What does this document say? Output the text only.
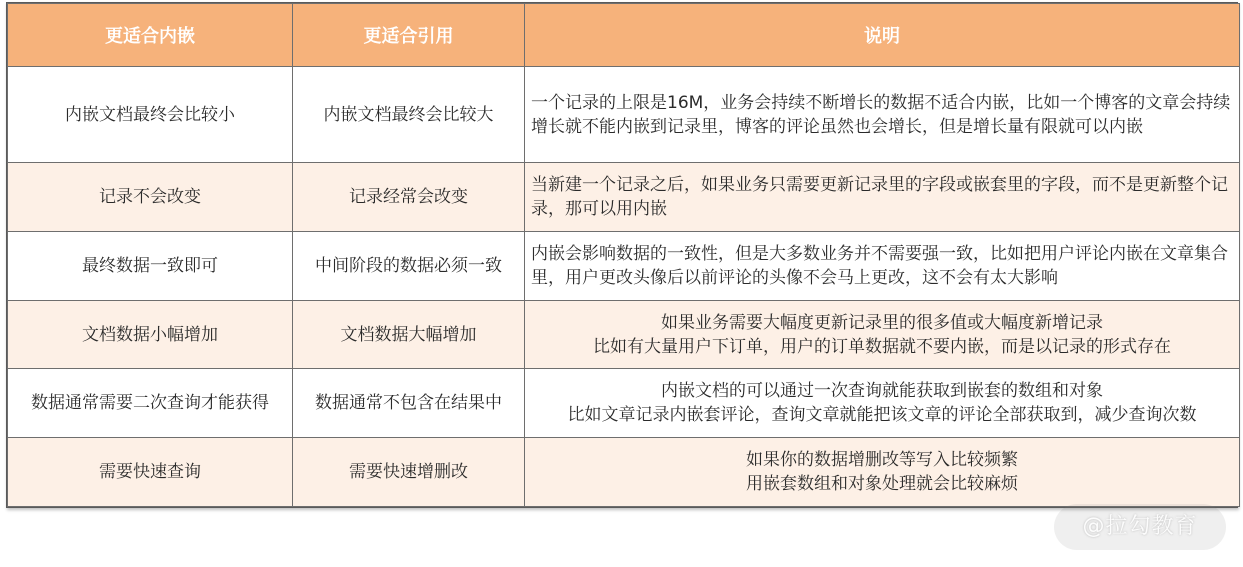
更适合内嵌	更适合引用	说明
内嵌文档最终会比较小	内嵌文档最终会比较大	一个记录的上限是16M，业务会持续不断增长的数据不适合内嵌，比如一个博客的文章会持续增长就不能内嵌到记录里，博客的评论虽然也会增长，但是增长量有限就可以内嵌
记录不会改变	记录经常会改变	当新建一个记录之后，如果业务只需要更新记录里的字段或嵌套里的字段，而不是更新整个记录，那可以用内嵌
最终数据一致即可	中间阶段的数据必须一致	内嵌会影响数据的一致性，但是大多数业务并不需要强一致，比如把用户评论内嵌在文章集合里，用户更改头像后以前评论的头像不会马上更改，这不会有太大影响
文档数据小幅增加	文档数据大幅增加	如果业务需要大幅度更新记录里的很多值或大幅度新增记录
比如有大量用户下订单，用户的订单数据就不要内嵌，而是以记录的形式存在

数据通常需要二次查询才能获得	数据通常不包含在结果中	内嵌文档的可以通过一次查询就能获取到嵌套的数组和对象
比如文章记录内嵌套评论，查询文章就能把该文章的评论全部获取到，减少查询次数

需要快速查询	需要快速增删改	如果你的数据增删改等写入比较频繁
用嵌套数组和对象处理就会比较麻烦
@拉勾教育
